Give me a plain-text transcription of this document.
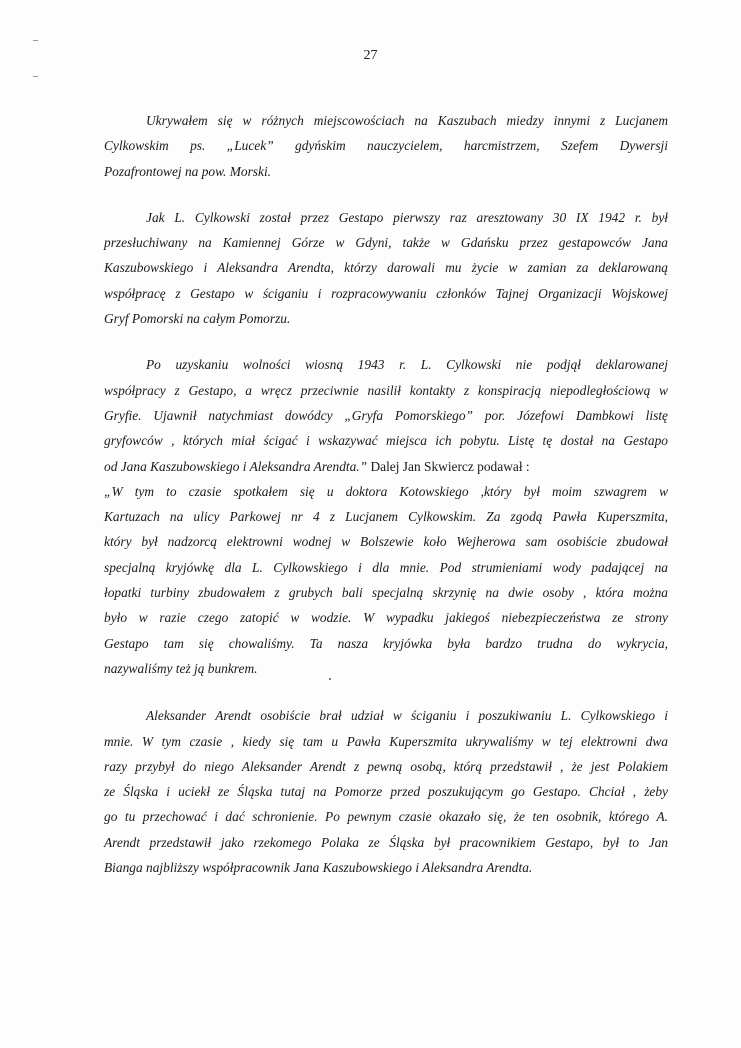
27

Ukrywałem się w różnych miejscowościach na Kaszubach miedzy innymi z Lucjanem

Cylkowskim ps. „Lucek” gdyńskim nauczycielem, harcmistrzem, Szefem Dywersji

Pozafrontowej na pow. Morski.

Jak L. Cylkowski został przez Gestapo pierwszy raz aresztowany 30 IX 1942 r. był

przesłuchiwany na Kamiennej Górze w Gdyni, także w Gdańsku przez gestapowców Jana

Kaszubowskiego i Aleksandra Arendta, którzy darowali mu życie w zamian za deklarowaną

współpracę z Gestapo w ściganiu i rozpracowywaniu członków Tajnej Organizacji Wojskowej

Gryf Pomorski na całym Pomorzu.

Po uzyskaniu wolności wiosną 1943 r. L. Cylkowski nie podjął deklarowanej

współpracy z Gestapo, a wręcz przeciwnie nasilił kontakty z konspiracją niepodległościową w

Gryfie. Ujawnił natychmiast dowódcy „Gryfa Pomorskiego” por. Józefowi Dambkowi listę

gryfowców , których miał ścigać i wskazywać miejsca ich pobytu. Listę tę dostał na Gestapo

od Jana Kaszubowskiego i Aleksandra Arendta.” Dalej Jan Skwiercz podawał :

„W tym to czasie spotkałem się u doktora Kotowskiego ,który był moim szwagrem w

Kartuzach na ulicy Parkowej nr 4 z Lucjanem Cylkowskim. Za zgodą Pawła Kuperszmita,

który był nadzorcą elektrowni wodnej w Bolszewie koło Wejherowa sam osobiście zbudował

specjalną kryjówkę dla L. Cylkowskiego i dla mnie. Pod strumieniami wody padającej na

łopatki turbiny zbudowałem z grubych bali specjalną skrzynię na dwie osoby , która można

było w razie czego zatopić w wodzie. W wypadku jakiegoś niebezpieczeństwa ze strony

Gestapo tam się chowaliśmy. Ta nasza kryjówka była bardzo trudna do wykrycia,

nazywaliśmy też ją bunkrem.

Aleksander Arendt osobiście brał udział w ściganiu i poszukiwaniu L. Cylkowskiego i

mnie. W tym czasie , kiedy się tam u Pawła Kuperszmita ukrywaliśmy w tej elektrowni dwa

razy przybył do niego Aleksander Arendt z pewną osobą, którą przedstawił , że jest Polakiem

ze Śląska i uciekł ze Śląska tutaj na Pomorze przed poszukującym go Gestapo. Chciał , żeby

go tu przechować i dać schronienie. Po pewnym czasie okazało się, że ten osobnik, którego A.

Arendt przedstawił jako rzekomego Polaka ze Śląska był pracownikiem Gestapo, był to Jan

Bianga najbliższy współpracownik Jana Kaszubowskiego i Aleksandra Arendta.
